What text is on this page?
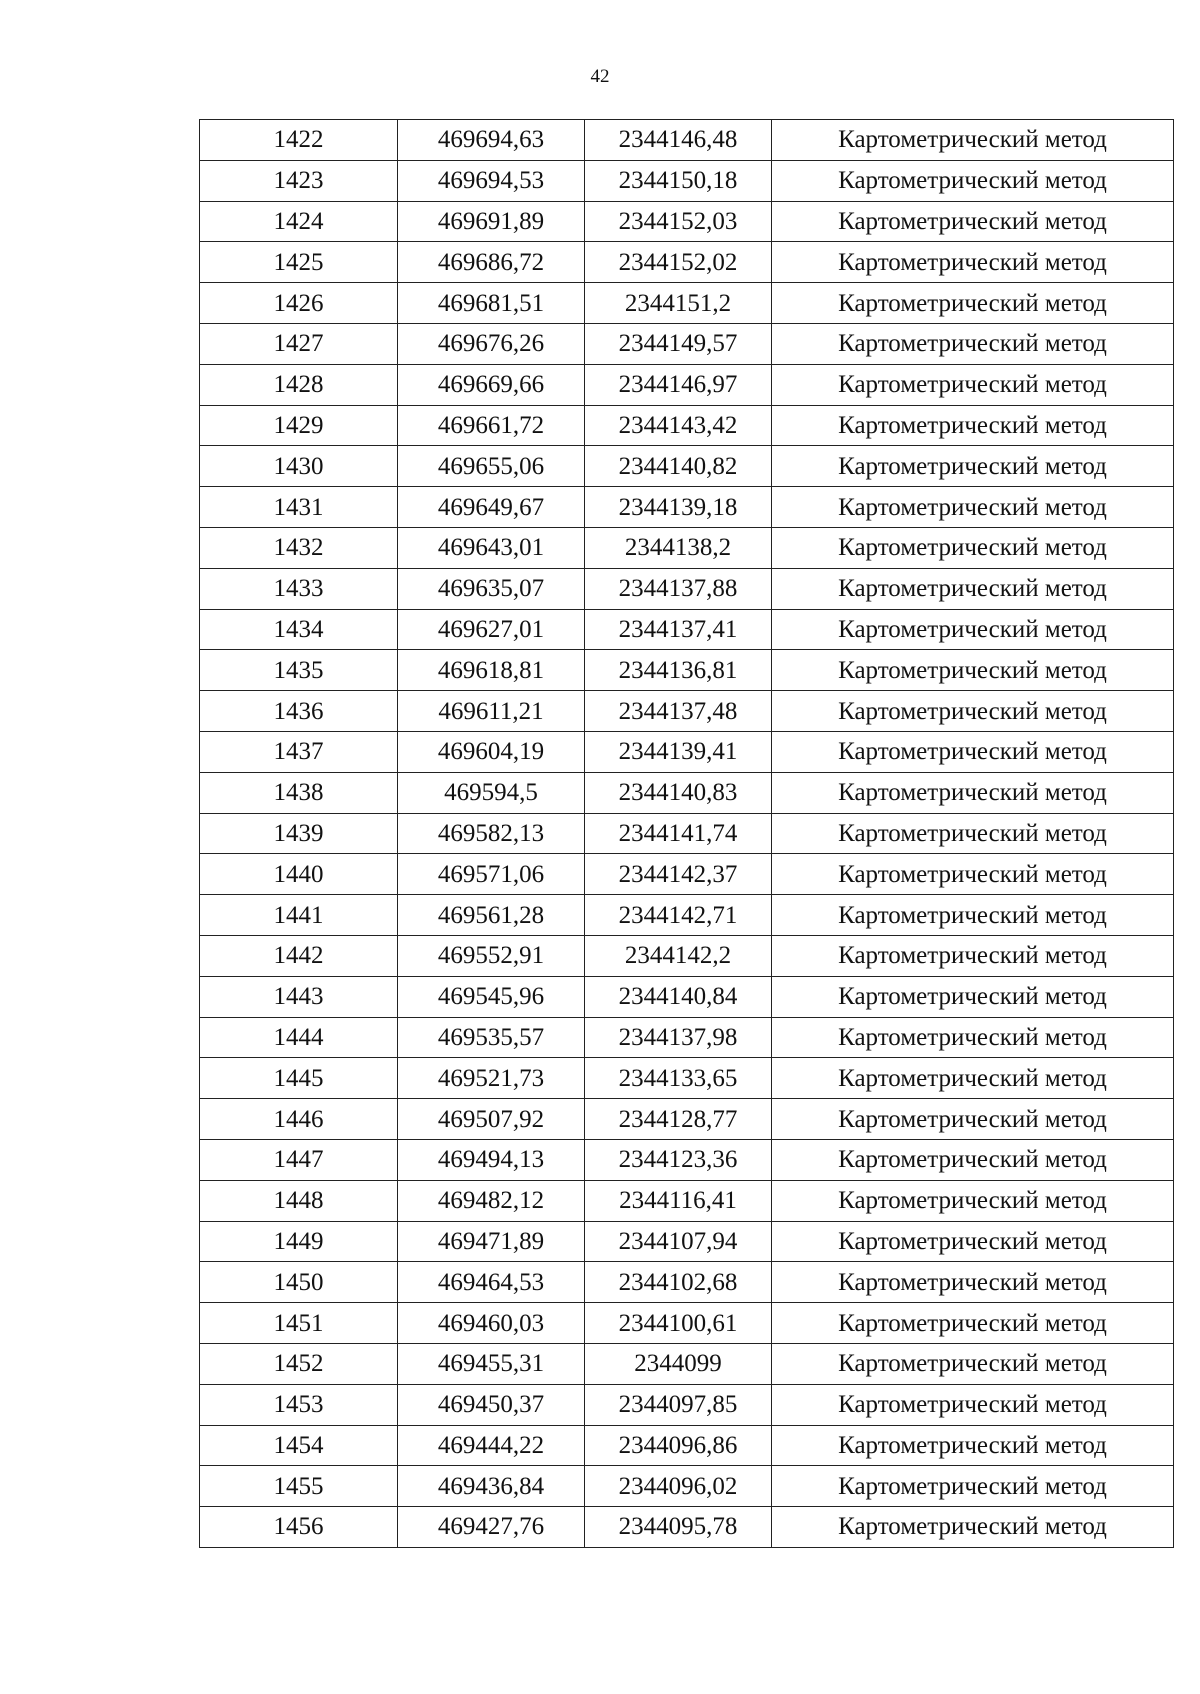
42
1422	469694,63	2344146,48	Картометрический метод
1423	469694,53	2344150,18	Картометрический метод
1424	469691,89	2344152,03	Картометрический метод
1425	469686,72	2344152,02	Картометрический метод
1426	469681,51	2344151,2	Картометрический метод
1427	469676,26	2344149,57	Картометрический метод
1428	469669,66	2344146,97	Картометрический метод
1429	469661,72	2344143,42	Картометрический метод
1430	469655,06	2344140,82	Картометрический метод
1431	469649,67	2344139,18	Картометрический метод
1432	469643,01	2344138,2	Картометрический метод
1433	469635,07	2344137,88	Картометрический метод
1434	469627,01	2344137,41	Картометрический метод
1435	469618,81	2344136,81	Картометрический метод
1436	469611,21	2344137,48	Картометрический метод
1437	469604,19	2344139,41	Картометрический метод
1438	469594,5	2344140,83	Картометрический метод
1439	469582,13	2344141,74	Картометрический метод
1440	469571,06	2344142,37	Картометрический метод
1441	469561,28	2344142,71	Картометрический метод
1442	469552,91	2344142,2	Картометрический метод
1443	469545,96	2344140,84	Картометрический метод
1444	469535,57	2344137,98	Картометрический метод
1445	469521,73	2344133,65	Картометрический метод
1446	469507,92	2344128,77	Картометрический метод
1447	469494,13	2344123,36	Картометрический метод
1448	469482,12	2344116,41	Картометрический метод
1449	469471,89	2344107,94	Картометрический метод
1450	469464,53	2344102,68	Картометрический метод
1451	469460,03	2344100,61	Картометрический метод
1452	469455,31	2344099	Картометрический метод
1453	469450,37	2344097,85	Картометрический метод
1454	469444,22	2344096,86	Картометрический метод
1455	469436,84	2344096,02	Картометрический метод
1456	469427,76	2344095,78	Картометрический метод
